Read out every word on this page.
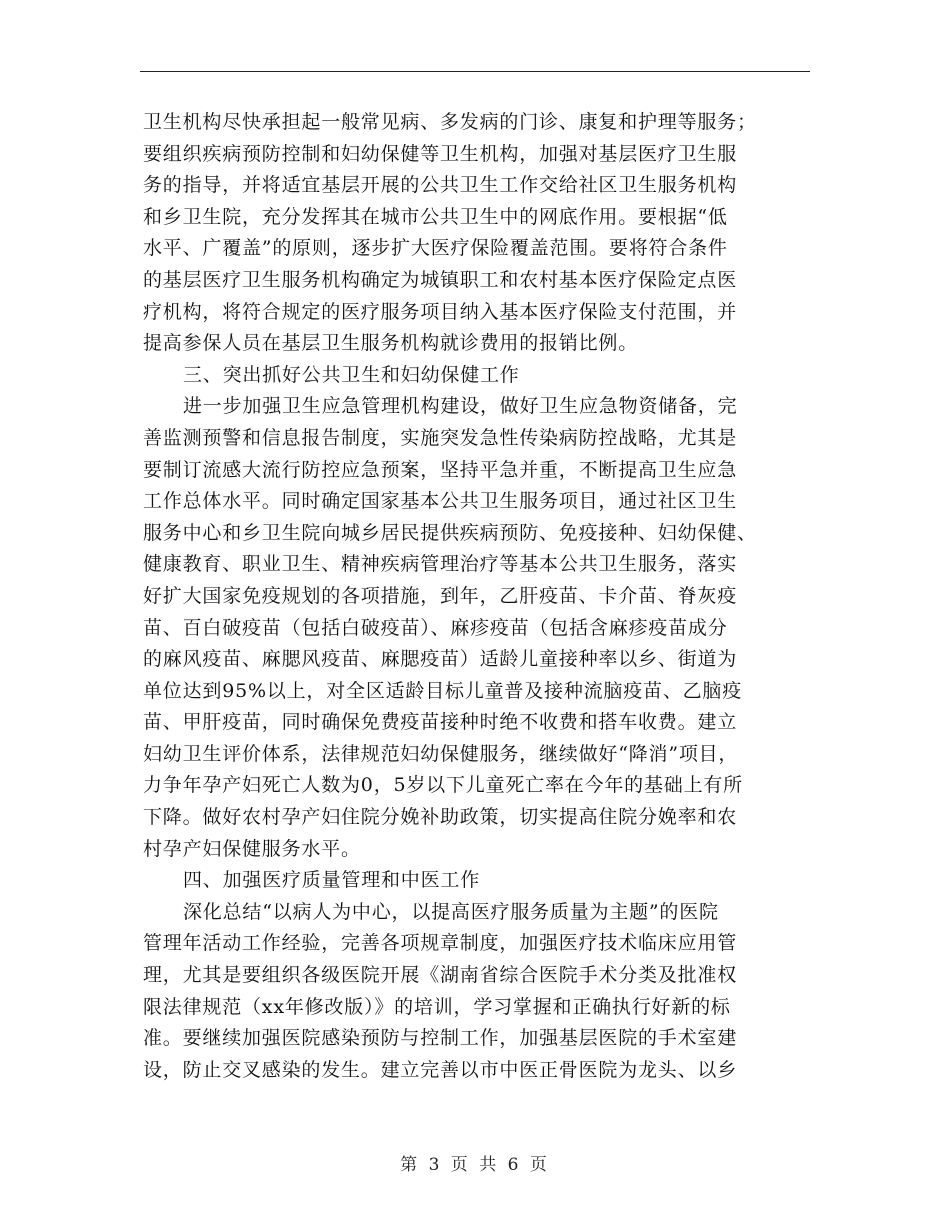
卫生机构尽快承担起一般常见病、多发病的门诊、康复和护理等服务；
要组织疾病预防控制和妇幼保健等卫生机构，加强对基层医疗卫生服
务的指导，并将适宜基层开展的公共卫生工作交给社区卫生服务机构
和乡卫生院，充分发挥其在城市公共卫生中的网底作用。要根据“低
水平、广覆盖”的原则，逐步扩大医疗保险覆盖范围。要将符合条件
的基层医疗卫生服务机构确定为城镇职工和农村基本医疗保险定点医
疗机构，将符合规定的医疗服务项目纳入基本医疗保险支付范围，并
提高参保人员在基层卫生服务机构就诊费用的报销比例。
三、突出抓好公共卫生和妇幼保健工作
进一步加强卫生应急管理机构建设，做好卫生应急物资储备，完
善监测预警和信息报告制度，实施突发急性传染病防控战略，尤其是
要制订流感大流行防控应急预案，坚持平急并重，不断提高卫生应急
工作总体水平。同时确定国家基本公共卫生服务项目，通过社区卫生
服务中心和乡卫生院向城乡居民提供疾病预防、免疫接种、妇幼保健、
健康教育、职业卫生、精神疾病管理治疗等基本公共卫生服务，落实
好扩大国家免疫规划的各项措施，到年，乙肝疫苗、卡介苗、脊灰疫
苗、百白破疫苗（包括白破疫苗）、麻疹疫苗（包括含麻疹疫苗成分
的麻风疫苗、麻腮风疫苗、麻腮疫苗）适龄儿童接种率以乡、街道为
单位达到95%以上，对全区适龄目标儿童普及接种流脑疫苗、乙脑疫
苗、甲肝疫苗，同时确保免费疫苗接种时绝不收费和搭车收费。建立
妇幼卫生评价体系，法律规范妇幼保健服务，继续做好“降消”项目，
力争年孕产妇死亡人数为0，5岁以下儿童死亡率在今年的基础上有所
下降。做好农村孕产妇住院分娩补助政策，切实提高住院分娩率和农
村孕产妇保健服务水平。
四、加强医疗质量管理和中医工作
深化总结“以病人为中心，以提高医疗服务质量为主题”的医院
管理年活动工作经验，完善各项规章制度，加强医疗技术临床应用管
理，尤其是要组织各级医院开展《湖南省综合医院手术分类及批准权
限法律规范（xx年修改版）》的培训，学习掌握和正确执行好新的标
准。要继续加强医院感染预防与控制工作，加强基层医院的手术室建
设，防止交叉感染的发生。建立完善以市中医正骨医院为龙头、以乡
第 3 页 共 6 页
